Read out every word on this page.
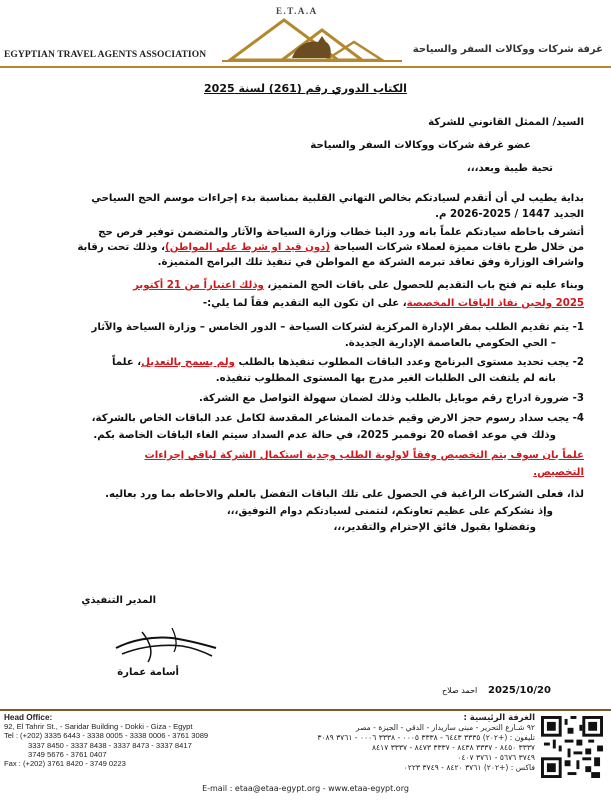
E.T.A.A
EGYPTIAN TRAVEL AGENTS ASSOCIATION	غرفة شركات ووكالات السفر والسياحة
الكتاب الدوري رقم (261) لسنة 2025
السيد/ الممثل القانوني للشركة
عضو غرفة شركات ووكالات السفر والسياحة
تحية طيبة وبعد،،،
بداية يطيب لي أن أتقدم لسيادتكم بخالص التهاني القلبية بمناسبة بدء إجراءات موسم الحج السياحي
الجديد 1447 / 2025-2026 م.
أتشرف باحاطه سيادتكم علماً بانه ورد الينا خطاب وزارة السياحة والآثار والمتضمن توفير فرص حج
من خلال طرح باقات مميزة لعملاء شركات السياحة (دون قيد او شرط على المواطن)، وذلك تحت رقابة
واشراف الوزارة وفق تعاقد تبرمه الشركة مع المواطن في تنفيذ تلك البرامج المتميزة.
وبناء عليه تم فتح باب التقديم للحصول على باقات الحج المتميز، وذلك اعتباراً من 21 أكتوبر
2025 ولحين نفاذ الباقات المخصصة، على ان تكون اليه التقديم فقاً لما يلي:-
1- يتم تقديم الطلب بمقر الإدارة المركزية لشركات السياحة – الدور الخامس – وزارة السياحة والآثار
– الحي الحكومي بالعاصمة الإدارية الجديدة.
2- يجب تحديد مستوى البرنامج وعدد الباقات المطلوب تنفيذها بالطلب ولم يسمح بالتعديل، علماً
بانه لم يلتفت الى الطلبات الغير مدرج بها المستوى المطلوب تنفيذه.
3- ضرورة ادراج رقم موبايل بالطلب وذلك لضمان سهولة التواصل مع الشركة.
4- يجب سداد رسوم حجز الارض وقيم خدمات المشاعر المقدسة لكامل عدد الباقات الخاص بالشركة،
وذلك في موعد اقصاه 20 نوفمبر 2025، في حالة عدم السداد سيتم الغاء الباقات الخاصة بكم.
علماً بان سوف يتم التخصيص وفقاً لاولوية الطلب وجدية استكمال الشركة لباقي إجراءات
التخصيص.
لذا، فعلى الشركات الراغبة في الحصول على تلك الباقات التفضل بالعلم والاحاطه بما ورد بعاليه.
وإذ نشكركم على عظيم تعاونكم، لنتمنى لسيادتكم دوام التوفيق،،،
وتفضلوا بقبول فائق الإحترام والتقدير،،،
المدير التنفيذي
أسامة عمارة
احمد صلاح 2025/10/20
Head Office:
92, El Tahrir St., - Saridar Building - Dokki - Giza - Egypt
Tel : (+202) 3335 6443 - 3338 0005 - 3338 0006 - 3761 3089
3337 8450 - 3337 8438 - 3337 8473 - 3337 8417
3749 5676 - 3761 0407
Fax : (+202) 3761 8420 - 3749 0223
الغرفة الرئيسية :
٩٢ شـارع التحرير - مبنى ساريدار - الدقي - الجيزة - مصر
تليفون : (+٢٠٢) ٣٣٣٥ ٦٤٤٣ - ٣٣٣٨ ٠٠٠٥ - ٣٣٣٨ ٠٠٠٦ - ٣٧٦١ ٣٠٨٩
٣٣٣٧ ٨٤٥٠ - ٣٣٣٧ ٨٤٣٨ - ٣٣٣٧ ٨٤٧٣ - ٣٣٣٧ ٨٤١٧
٣٧٤٩ ٥٦٧٦ - ٣٧٦١ ٠٤٠٧
فاكس : (+٢٠٢) ٣٧٦١ ٨٤٢٠ - ٣٧٤٩ ٠٢٢٣
E-mail : etaa@etaa-egypt.org - www.etaa-egypt.org
